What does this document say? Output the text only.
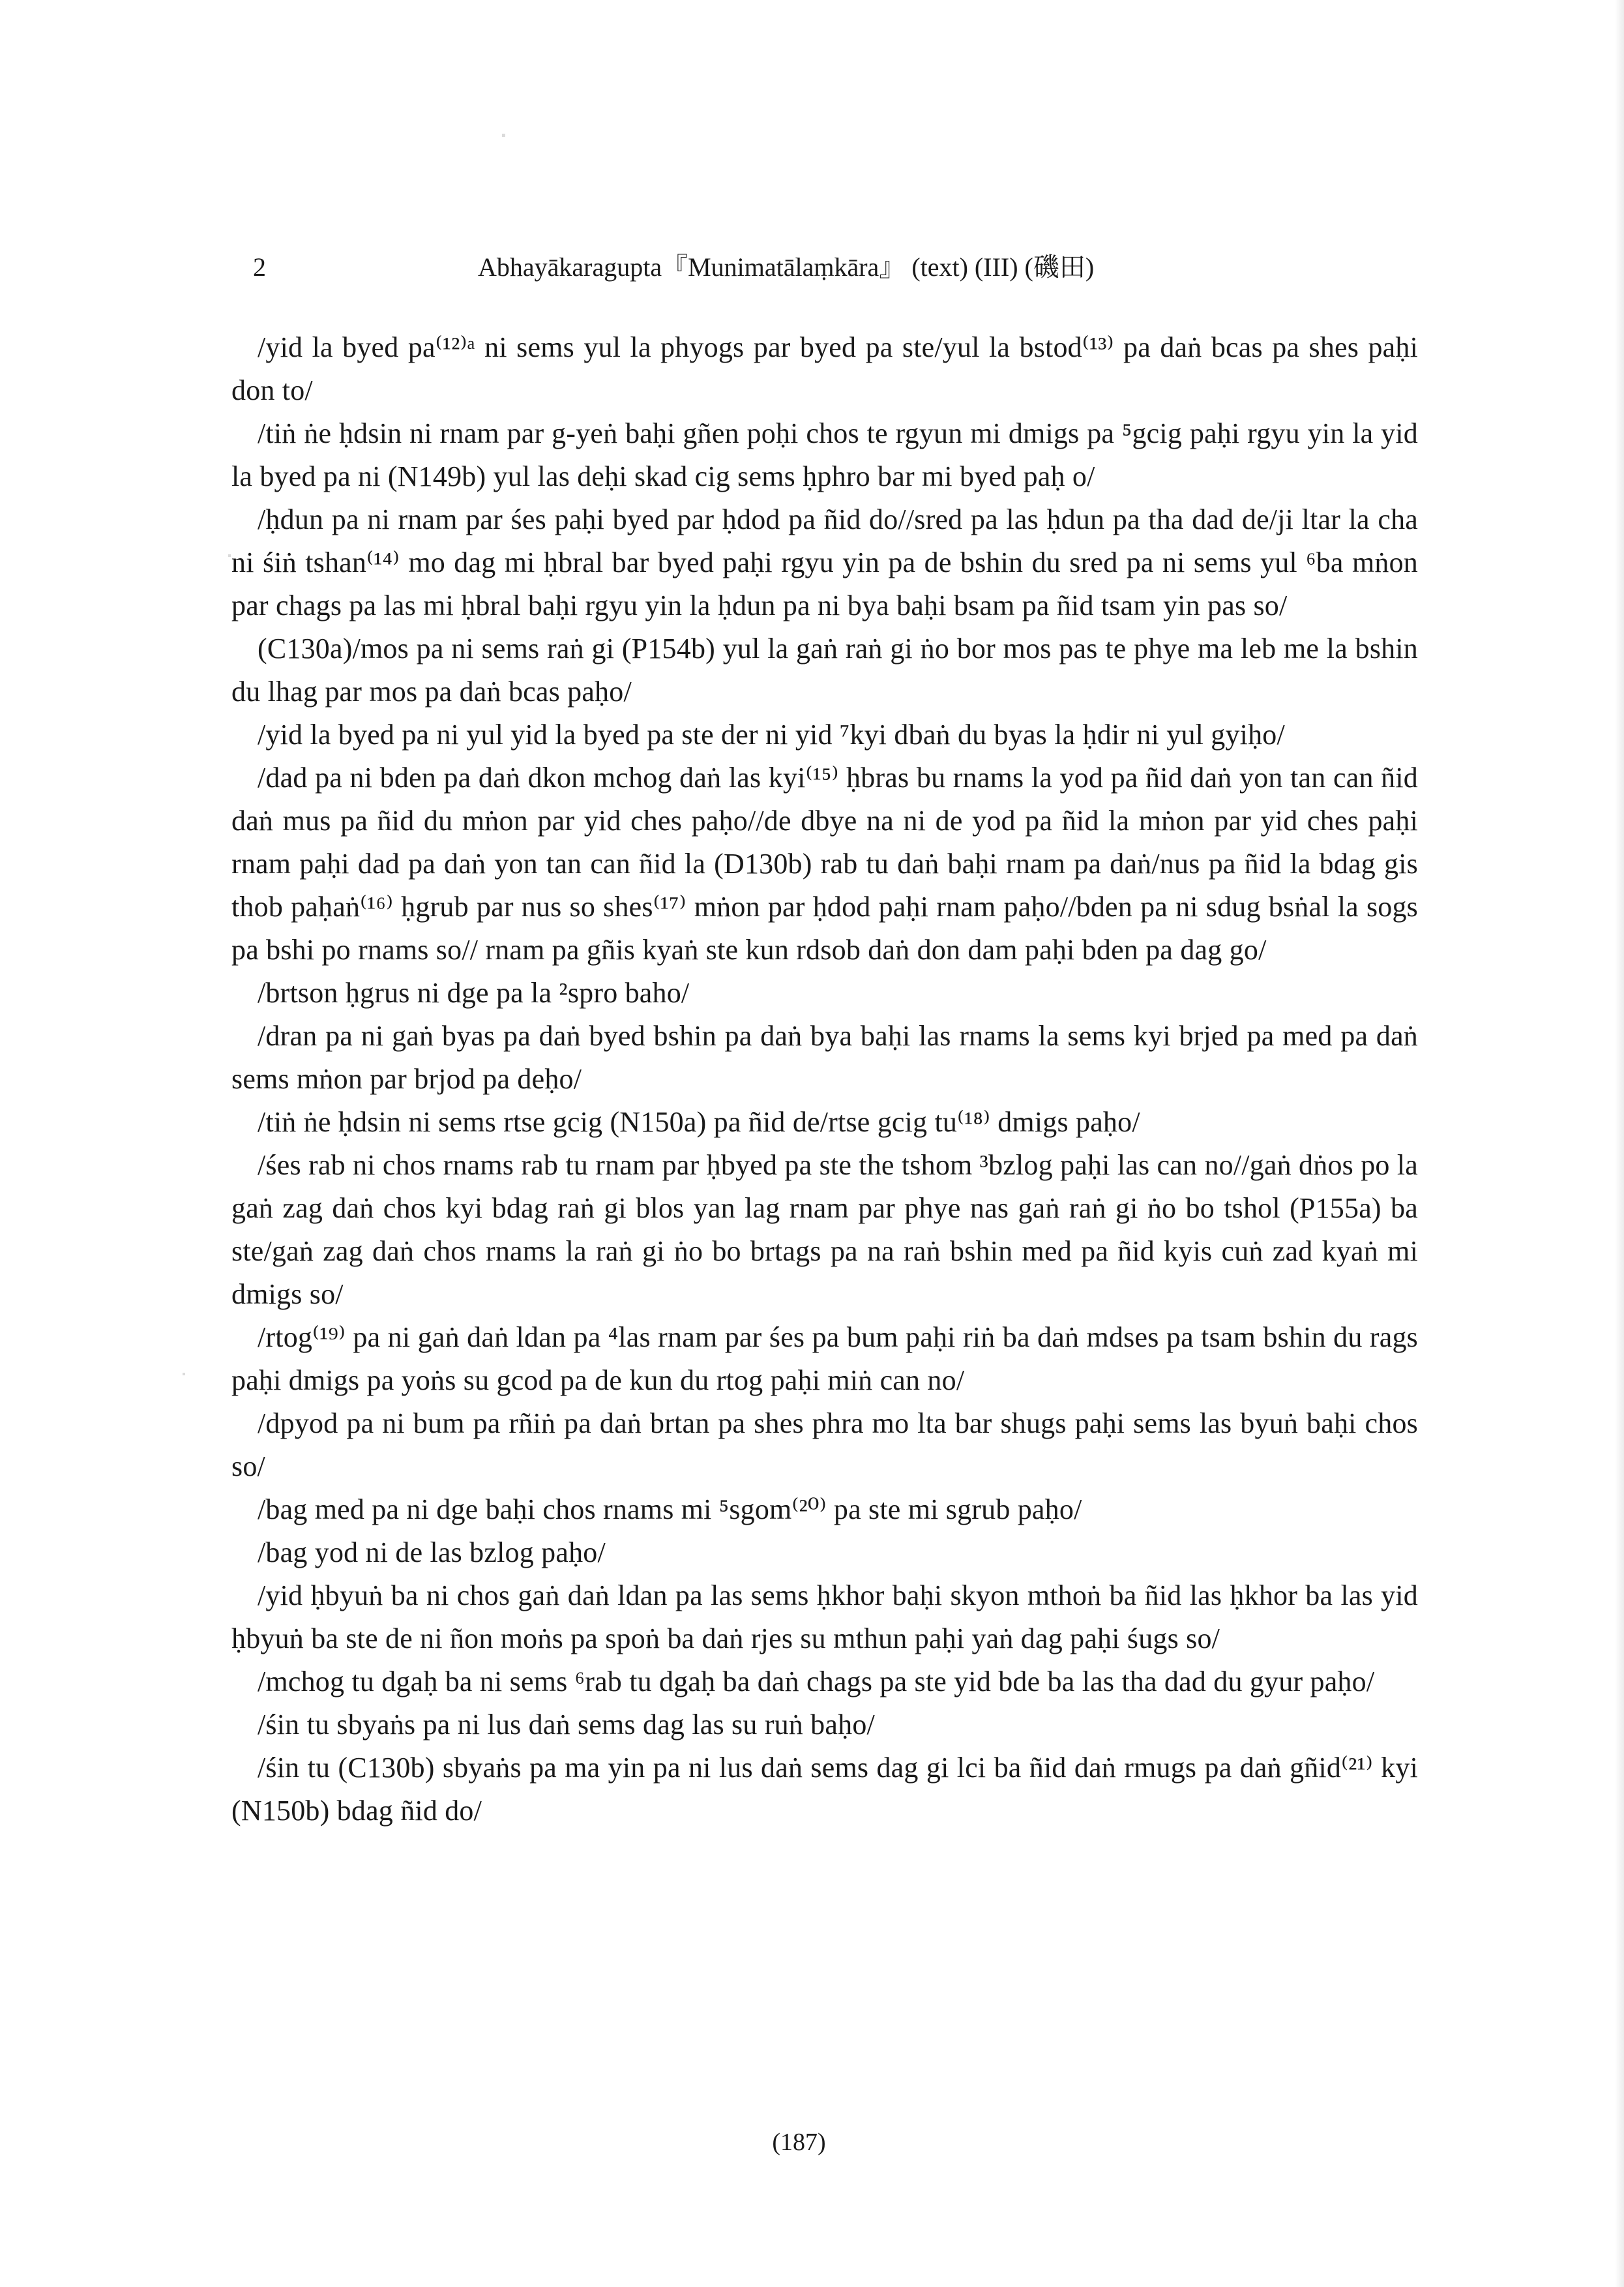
2	Abhayākaragupta『Munimatālaṃkāra』 (text) (III) (磯田)

/yid la byed pa⁽¹²⁾ᵃ ni sems yul la phyogs par byed pa ste/yul la bstod⁽¹³⁾ pa daṅ bcas pa shes paḥi don to/

/tiṅ ṅe ḥdsin ni rnam par g-yeṅ baḥi gñen poḥi chos te rgyun mi dmigs pa ⁵gcig paḥi rgyu yin la yid la byed pa ni (N149b) yul las deḥi skad cig sems ḥphro bar mi byed paḥ o/

/ḥdun pa ni rnam par śes paḥi byed par ḥdod pa ñid do//sred pa las ḥdun pa tha dad de/ji ltar la cha ni śiṅ tshan⁽¹⁴⁾ mo dag mi ḥbral bar byed paḥi rgyu yin pa de bshin du sred pa ni sems yul ⁶ba mṅon par chags pa las mi ḥbral baḥi rgyu yin la ḥdun pa ni bya baḥi bsam pa ñid tsam yin pas so/

(C130a)/mos pa ni sems raṅ gi (P154b) yul la gaṅ raṅ gi ṅo bor mos pas te phye ma leb me la bshin du lhag par mos pa daṅ bcas paḥo/

/yid la byed pa ni yul yid la byed pa ste der ni yid ⁷kyi dbaṅ du byas la ḥdir ni yul gyiḥo/

/dad pa ni bden pa daṅ dkon mchog daṅ las kyi⁽¹⁵⁾ ḥbras bu rnams la yod pa ñid daṅ yon tan can ñid daṅ mus pa ñid du mṅon par yid ches paḥo//de dbye na ni de yod pa ñid la mṅon par yid ches paḥi rnam paḥi dad pa daṅ yon tan can ñid la (D130b) rab tu daṅ baḥi rnam pa daṅ/nus pa ñid la bdag gis thob paḥaṅ⁽¹⁶⁾ ḥgrub par nus so shes⁽¹⁷⁾ mṅon par ḥdod paḥi rnam paḥo//bden pa ni sdug bsṅal la sogs pa bshi po rnams so// rnam pa gñis kyaṅ ste kun rdsob daṅ don dam paḥi bden pa dag go/

/brtson ḥgrus ni dge pa la ²spro baho/

/dran pa ni gaṅ byas pa daṅ byed bshin pa daṅ bya baḥi las rnams la sems kyi brjed pa med pa daṅ sems mṅon par brjod pa deḥo/

/tiṅ ṅe ḥdsin ni sems rtse gcig (N150a) pa ñid de/rtse gcig tu⁽¹⁸⁾ dmigs paḥo/

/śes rab ni chos rnams rab tu rnam par ḥbyed pa ste the tshom ³bzlog paḥi las can no//gaṅ dṅos po la gaṅ zag daṅ chos kyi bdag raṅ gi blos yan lag rnam par phye nas gaṅ raṅ gi ṅo bo tshol (P155a) ba ste/gaṅ zag daṅ chos rnams la raṅ gi ṅo bo brtags pa na raṅ bshin med pa ñid kyis cuṅ zad kyaṅ mi dmigs so/

/rtog⁽¹⁹⁾ pa ni gaṅ daṅ ldan pa ⁴las rnam par śes pa bum paḥi riṅ ba daṅ mdses pa tsam bshin du rags paḥi dmigs pa yoṅs su gcod pa de kun du rtog paḥi miṅ can no/

/dpyod pa ni bum pa rñiṅ pa daṅ brtan pa shes phra mo lta bar shugs paḥi sems las byuṅ baḥi chos so/

/bag med pa ni dge baḥi chos rnams mi ⁵sgom⁽²⁰⁾ pa ste mi sgrub paḥo/

/bag yod ni de las bzlog paḥo/

/yid ḥbyuṅ ba ni chos gaṅ daṅ ldan pa las sems ḥkhor baḥi skyon mthoṅ ba ñid las ḥkhor ba las yid ḥbyuṅ ba ste de ni ñon moṅs pa spoṅ ba daṅ rjes su mthun paḥi yaṅ dag paḥi śugs so/

/mchog tu dgaḥ ba ni sems ⁶rab tu dgaḥ ba daṅ chags pa ste yid bde ba las tha dad du gyur paḥo/

/śin tu sbyaṅs pa ni lus daṅ sems dag las su ruṅ baḥo/

/śin tu (C130b) sbyaṅs pa ma yin pa ni lus daṅ sems dag gi lci ba ñid daṅ rmugs pa daṅ gñid⁽²¹⁾ kyi (N150b) bdag ñid do/

(187)
